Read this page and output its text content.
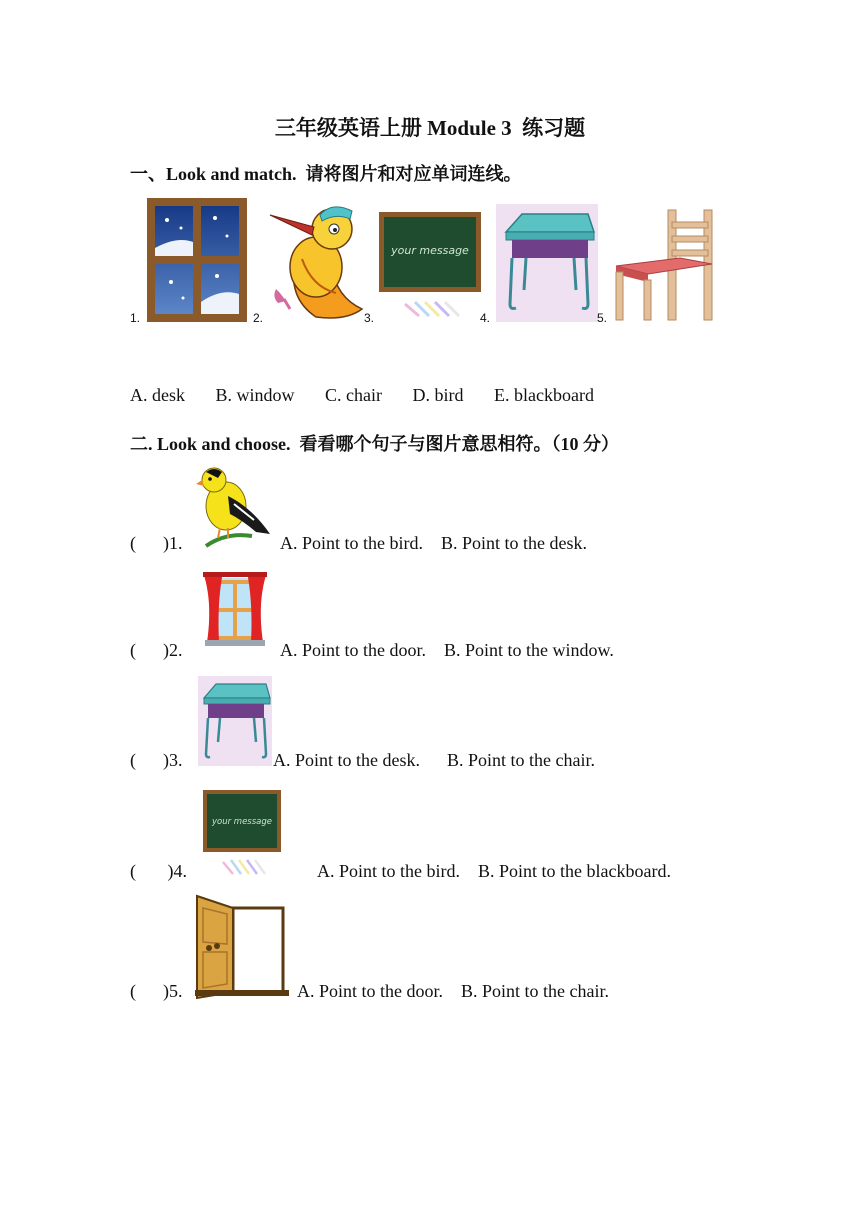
三年级英语上册 Module 3  练习题
一、Look and match.  请将图片和对应单词连线。
1.	2.	3.
your message
4.	5.
A. desk B. window C. chair D. bird E. blackboard
二. Look and choose.  看看哪个句子与图片意思相符。（10 分）
(      )1.	A. Point to the bird.    B. Point to the desk.
(      )2.	A. Point to the door.    B. Point to the window.
(      )3.	A. Point to the desk.      B. Point to the chair.
your message
(       )4.	A. Point to the bird.    B. Point to the blackboard.
(      )5.	A. Point to the door.    B. Point to the chair.
